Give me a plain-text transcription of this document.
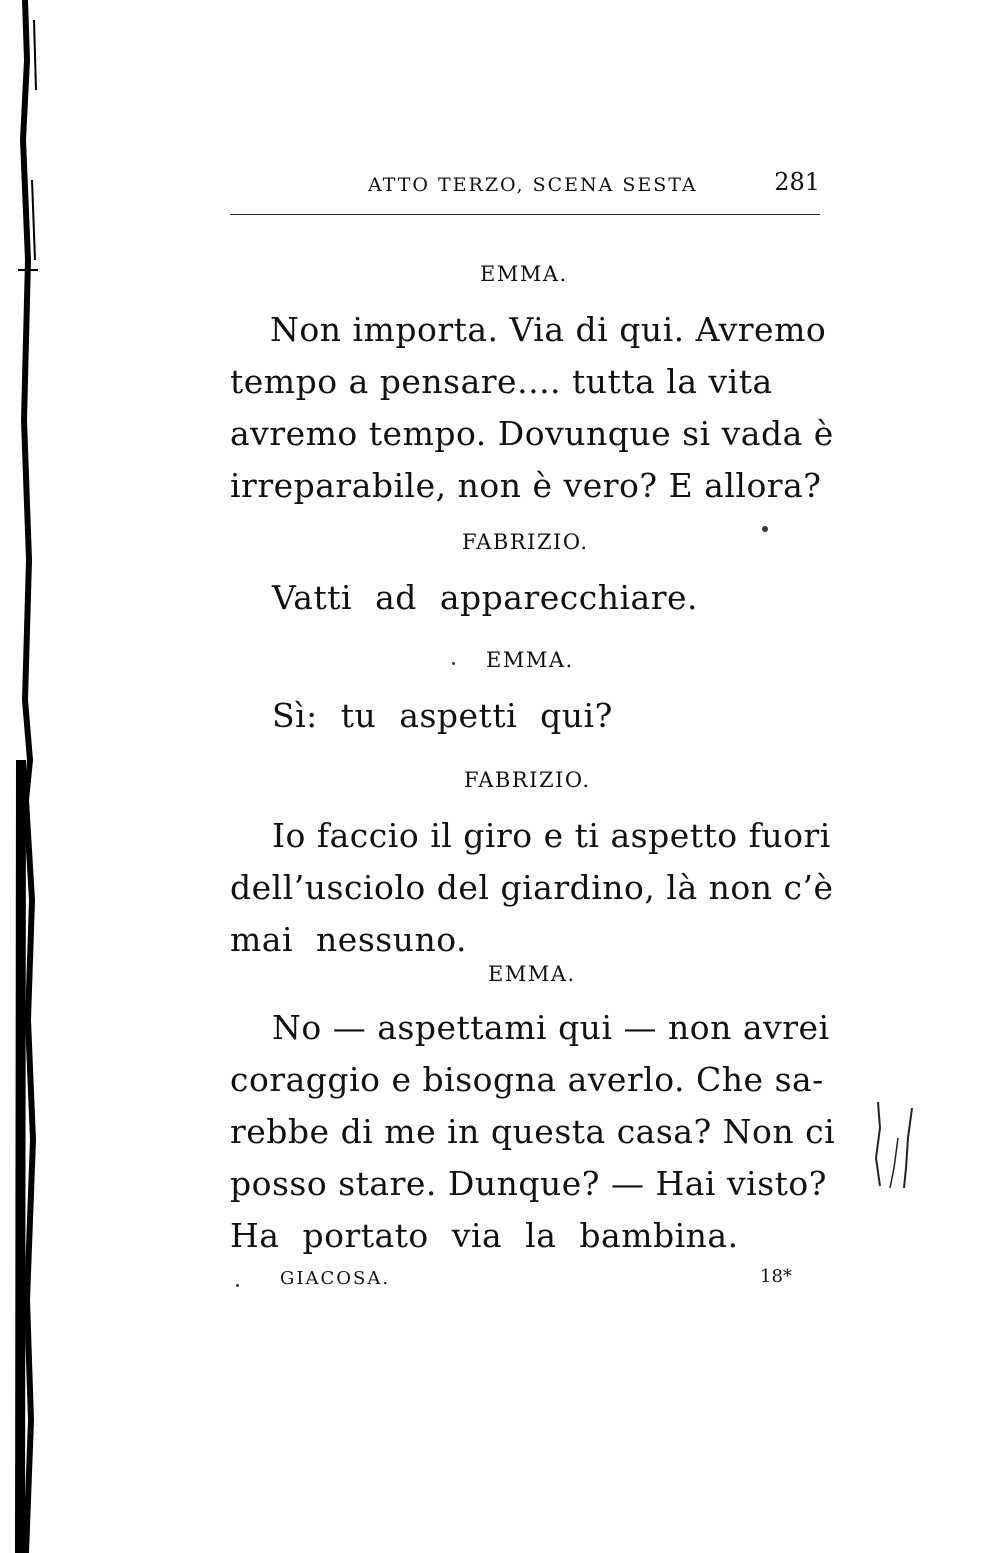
ATTO TERZO, SCENA SESTA	281
EMMA.
Non importa. Via di qui. Avremo
tempo a pensare.... tutta la vita
avremo tempo. Dovunque si vada è
irreparabile, non è vero? E allora?
FABRIZIO.
Vatti ad apparecchiare.
EMMA.
Sì: tu aspetti qui?
FABRIZIO.
Io faccio il giro e ti aspetto fuori
dell’usciolo del giardino, là non c’è
mai nessuno.
EMMA.
No — aspettami qui — non avrei
coraggio e bisogna averlo. Che sa-
rebbe di me in questa casa? Non ci
posso stare. Dunque? — Hai visto?
Ha portato via la bambina.
GIACOSA.	18*
